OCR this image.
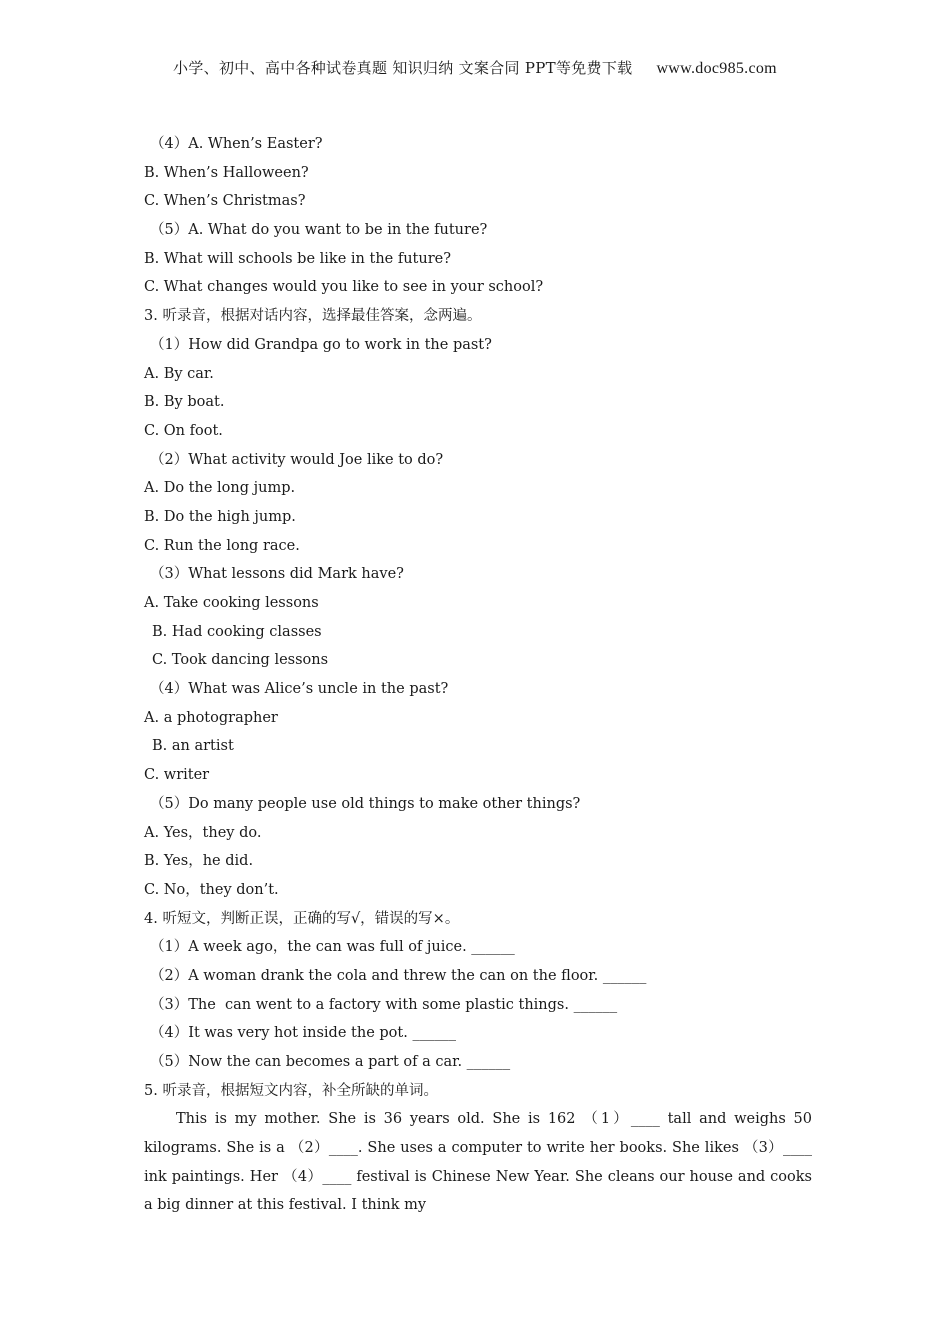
小学、初中、高中各种试卷真题 知识归纳 文案合同 PPT等免费下载 www.doc985.com
（4）A. When’s Easter?
B. When’s Halloween?
C. When’s Christmas?
（5）A. What do you want to be in the future?
B. What will schools be like in the future?
C. What changes would you like to see in your school?
3. 听录音，根据对话内容，选择最佳答案，念两遍。
（1）How did Grandpa go to work in the past?
A. By car.
B. By boat.
C. On foot.
（2）What activity would Joe like to do?
A. Do the long jump.
B. Do the high jump.
C. Run the long race.
（3）What lessons did Mark have?
A. Take cooking lessons
B. Had cooking classes
C. Took dancing lessons
（4）What was Alice’s uncle in the past?
A. a photographer
B. an artist
C. writer
（5）Do many people use old things to make other things?
A. Yes，they do.
B. Yes，he did.
C. No，they don’t.
4. 听短文，判断正误，正确的写√，错误的写×。
（1）A week ago，the can was full of juice. ______
（2）A woman drank the cola and threw the can on the floor. ______
（3）The  can went to a factory with some plastic things. ______
（4）It was very hot inside the pot. ______
（5）Now the can becomes a part of a car. ______
5. 听录音，根据短文内容，补全所缺的单词。
This is my mother. She is 36 years old. She is 162 （1）____ tall and weighs 50 kilograms. She is a （2）____. She uses a computer to write her books. She likes （3）____ ink paintings. Her （4）____ festival is Chinese New Year. She cleans our house and cooks a big dinner at this festival. I think my
